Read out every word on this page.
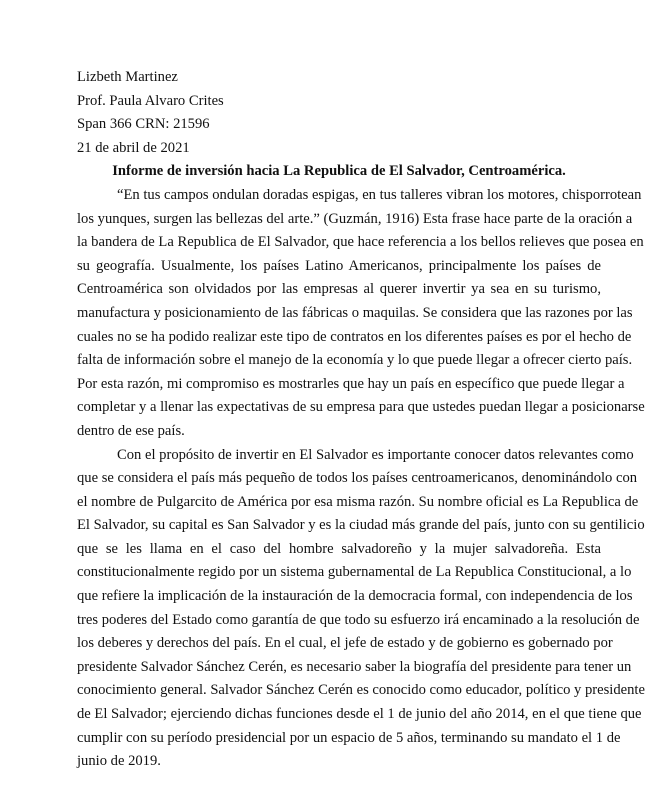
Lizbeth Martinez
Prof. Paula Alvaro Crites
Span 366 CRN: 21596
21 de abril de 2021
Informe de inversión hacia La Republica de El Salvador, Centroamérica.
“En tus campos ondulan doradas espigas, en tus talleres vibran los motores, chisporrotean
los yunques, surgen las bellezas del arte.” (Guzmán, 1916) Esta frase hace parte de la oración a
la bandera de La Republica de El Salvador, que hace referencia a los bellos relieves que posea en
su geografía. Usualmente, los países Latino Americanos, principalmente los países de
Centroamérica son olvidados por las empresas al querer invertir ya sea en su turismo,
manufactura y posicionamiento de las fábricas o maquilas. Se considera que las razones por las
cuales no se ha podido realizar este tipo de contratos en los diferentes países es por el hecho de
falta de información sobre el manejo de la economía y lo que puede llegar a ofrecer cierto país.
Por esta razón, mi compromiso es mostrarles que hay un país en específico que puede llegar a
completar y a llenar las expectativas de su empresa para que ustedes puedan llegar a posicionarse
dentro de ese país.
Con el propósito de invertir en El Salvador es importante conocer datos relevantes como
que se considera el país más pequeño de todos los países centroamericanos, denominándolo con
el nombre de Pulgarcito de América por esa misma razón. Su nombre oficial es La Republica de
El Salvador, su capital es San Salvador y es la ciudad más grande del país, junto con su gentilicio
que se les llama en el caso del hombre salvadoreño y la mujer salvadoreña. Esta
constitucionalmente regido por un sistema gubernamental de La Republica Constitucional, a lo
que refiere la implicación de la instauración de la democracia formal, con independencia de los
tres poderes del Estado como garantía de que todo su esfuerzo irá encaminado a la resolución de
los deberes y derechos del país. En el cual, el jefe de estado y de gobierno es gobernado por
presidente Salvador Sánchez Cerén, es necesario saber la biografía del presidente para tener un
conocimiento general. Salvador Sánchez Cerén es conocido como educador, político y presidente
de El Salvador; ejerciendo dichas funciones desde el 1 de junio del año 2014, en el que tiene que
cumplir con su período presidencial por un espacio de 5 años, terminando su mandato el 1 de
junio de 2019.
